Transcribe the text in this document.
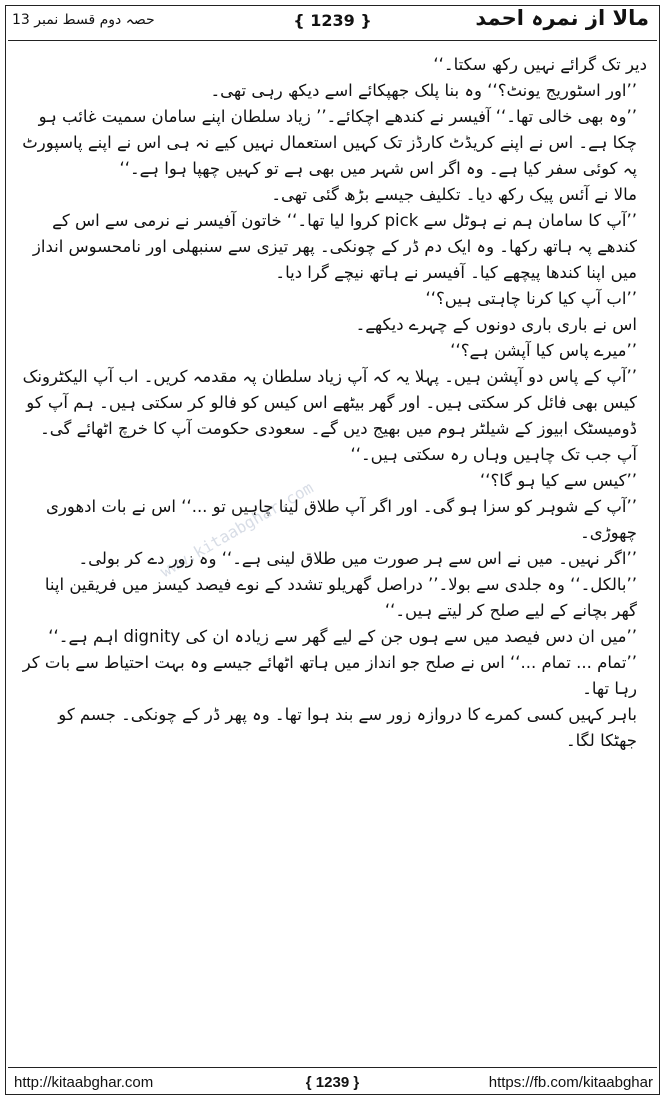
حصہ دوم قسط نمبر 13	{ 1239 }	مالا از نمرہ احمد
www.kitaabghar.com

دیر تک گرائے نہیں رکھ سکتا۔‘‘

’’اور اسٹوریج یونٹ؟‘‘ وہ بنا پلک جھپکائے اسے دیکھ رہی تھی۔

’’وہ بھی خالی تھا۔‘‘ آفیسر نے کندھے اچکائے۔’’ زیاد سلطان اپنے سامان سمیت غائب ہو چکا ہے۔ اس نے اپنے کریڈٹ کارڈز تک کہیں استعمال نہیں کیے نہ ہی اس نے اپنے پاسپورٹ پہ کوئی سفر کیا ہے۔ وہ اگر اس شہر میں بھی ہے تو کہیں چھپا ہوا ہے۔‘‘

مالا نے آئس پیک رکھ دیا۔ تکلیف جیسے بڑھ گئی تھی۔

’’آپ کا سامان ہم نے ہوٹل سے pick کروا لیا تھا۔‘‘ خاتون آفیسر نے نرمی سے اس کے کندھے پہ ہاتھ رکھا۔ وہ ایک دم ڈر کے چونکی۔ پھر تیزی سے سنبھلی اور نامحسوس انداز میں اپنا کندھا پیچھے کیا۔ آفیسر نے ہاتھ نیچے گرا دیا۔

’’اب آپ کیا کرنا چاہتی ہیں؟‘‘

اس نے باری باری دونوں کے چہرے دیکھے۔

’’میرے پاس کیا آپشن ہے؟‘‘

’’آپ کے پاس دو آپشن ہیں۔ پہلا یہ کہ آپ زیاد سلطان پہ مقدمہ کریں۔ اب آپ الیکٹرونک کیس بھی فائل کر سکتی ہیں۔ اور گھر بیٹھے اس کیس کو فالو کر سکتی ہیں۔ ہم آپ کو ڈومیسٹک ابیوز کے شیلٹر ہوم میں بھیج دیں گے۔ سعودی حکومت آپ کا خرچ اٹھائے گی۔ آپ جب تک چاہیں وہاں رہ سکتی ہیں۔‘‘

’’کیس سے کیا ہو گا؟‘‘

’’آپ کے شوہر کو سزا ہو گی۔ اور اگر آپ طلاق لینا چاہیں تو ...‘‘ اس نے بات ادھوری چھوڑی۔

’’اگر نہیں۔ میں نے اس سے ہر صورت میں طلاق لینی ہے۔‘‘ وہ زور دے کر بولی۔

’’بالکل۔‘‘ وہ جلدی سے بولا۔’’ دراصل گھریلو تشدد کے نوے فیصد کیسز میں فریقین اپنا گھر بچانے کے لیے صلح کر لیتے ہیں۔‘‘

’’میں ان دس فیصد میں سے ہوں جن کے لیے گھر سے زیادہ ان کی dignity اہم ہے۔‘‘

’’تمام ... تمام ...‘‘ اس نے صلح جو انداز میں ہاتھ اٹھائے جیسے وہ بہت احتیاط سے بات کر رہا تھا۔

باہر کہیں کسی کمرے کا دروازہ زور سے بند ہوا تھا۔ وہ پھر ڈر کے چونکی۔ جسم کو جھٹکا لگا۔

http://kitaabghar.com	{ 1239 }	https://fb.com/kitaabghar
